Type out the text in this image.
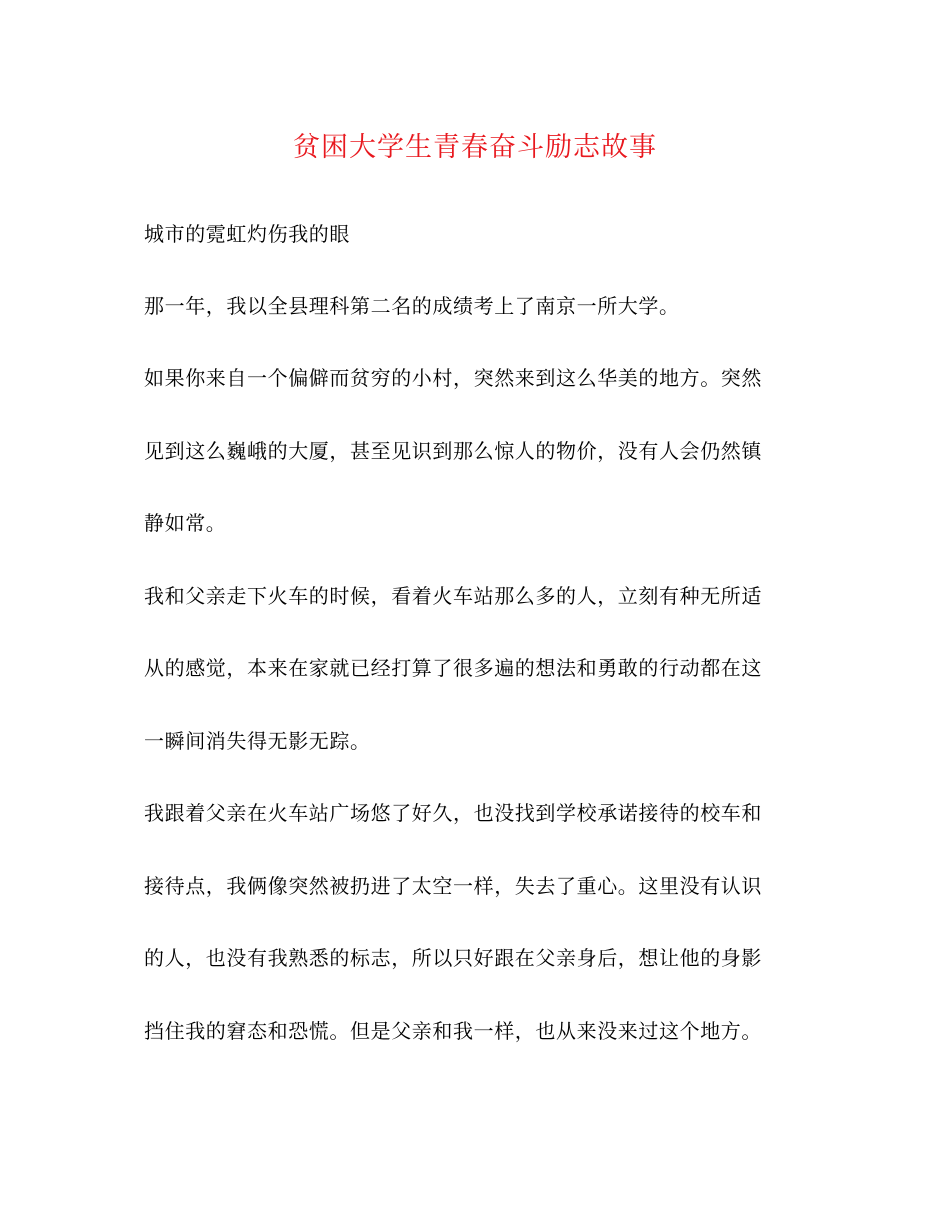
贫困大学生青春奋斗励志故事

城市的霓虹灼伤我的眼

那一年，我以全县理科第二名的成绩考上了南京一所大学。

如果你来自一个偏僻而贫穷的小村，突然来到这么华美的地方。突然

见到这么巍峨的大厦，甚至见识到那么惊人的物价，没有人会仍然镇

静如常。

我和父亲走下火车的时候，看着火车站那么多的人，立刻有种无所适

从的感觉，本来在家就已经打算了很多遍的想法和勇敢的行动都在这

一瞬间消失得无影无踪。

我跟着父亲在火车站广场悠了好久，也没找到学校承诺接待的校车和

接待点，我俩像突然被扔进了太空一样，失去了重心。这里没有认识

的人，也没有我熟悉的标志，所以只好跟在父亲身后，想让他的身影

挡住我的窘态和恐慌。但是父亲和我一样，也从来没来过这个地方。
